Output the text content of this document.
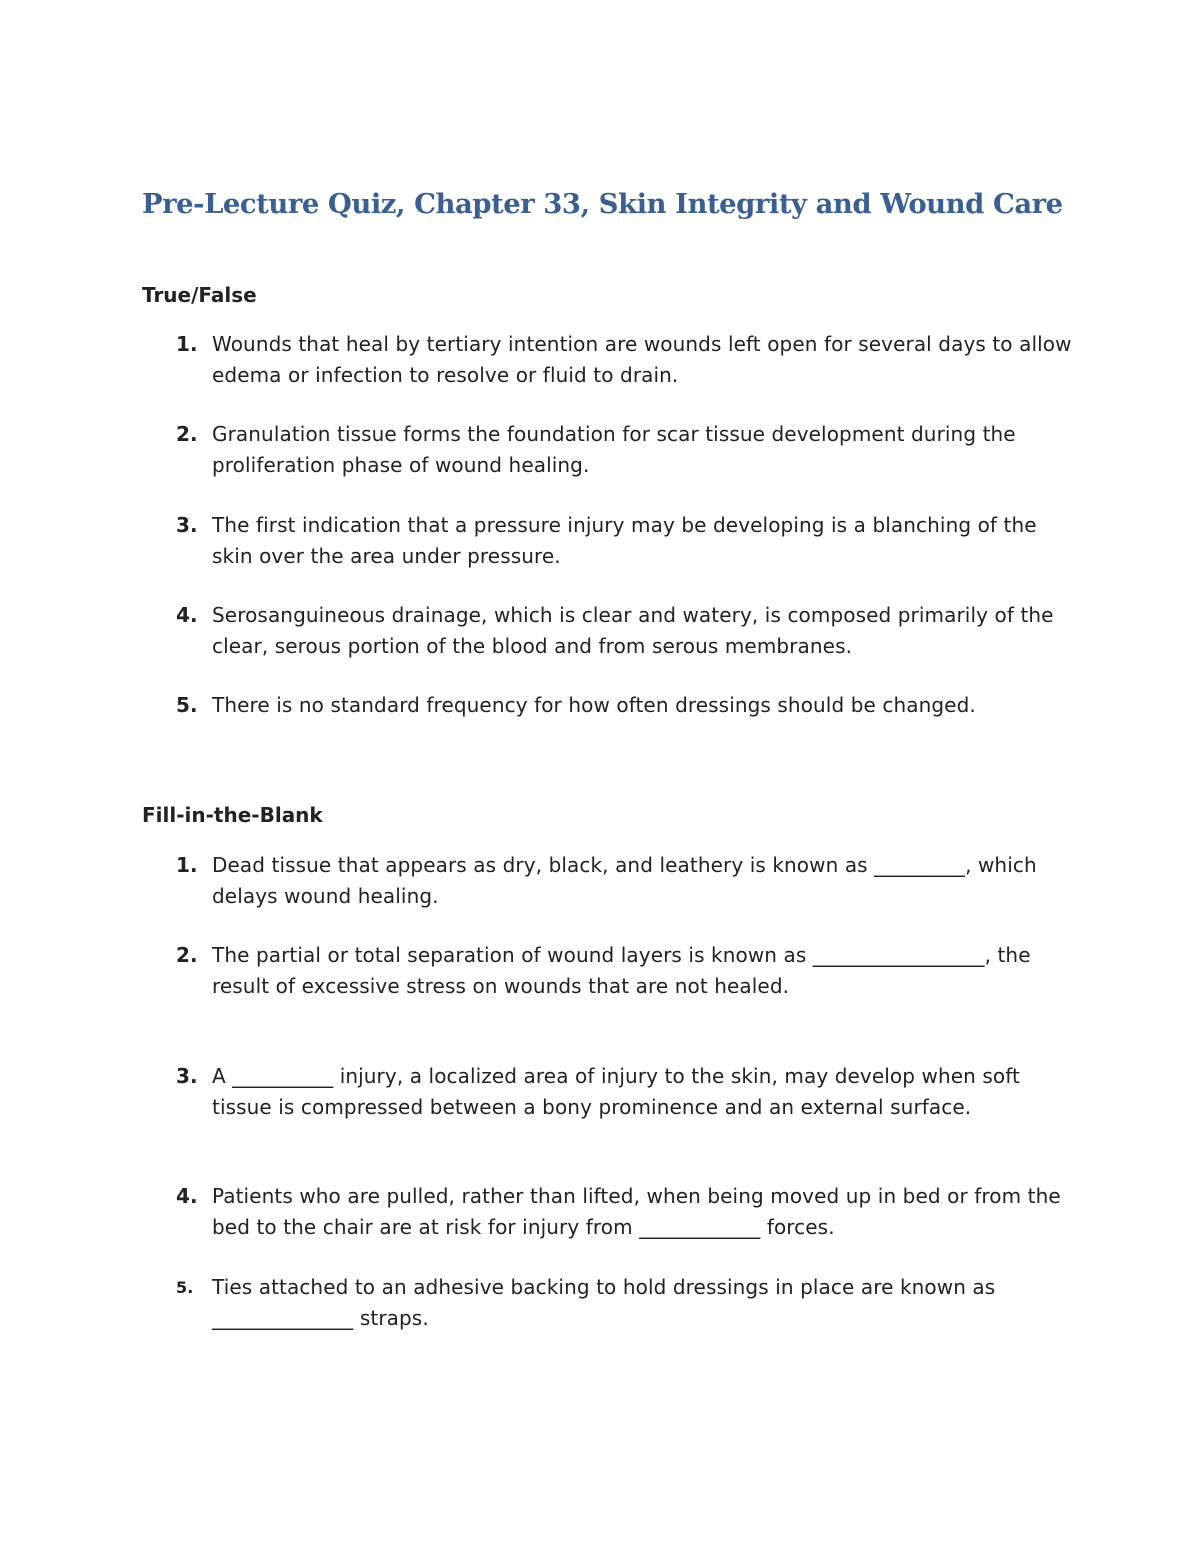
Pre-Lecture Quiz, Chapter 33, Skin Integrity and Wound Care
True/False
1. Wounds that heal by tertiary intention are wounds left open for several days to allow edema or infection to resolve or fluid to drain.
2. Granulation tissue forms the foundation for scar tissue development during the proliferation phase of wound healing.
3. The first indication that a pressure injury may be developing is a blanching of the skin over the area under pressure.
4. Serosanguineous drainage, which is clear and watery, is composed primarily of the clear, serous portion of the blood and from serous membranes.
5. There is no standard frequency for how often dressings should be changed.
Fill-in-the-Blank
1. Dead tissue that appears as dry, black, and leathery is known as _________, which delays wound healing.
2. The partial or total separation of wound layers is known as _________________, the result of excessive stress on wounds that are not healed.
3. A __________ injury, a localized area of injury to the skin, may develop when soft tissue is compressed between a bony prominence and an external surface.
4. Patients who are pulled, rather than lifted, when being moved up in bed or from the bed to the chair are at risk for injury from ____________ forces.
5. Ties attached to an adhesive backing to hold dressings in place are known as ______________ straps.
